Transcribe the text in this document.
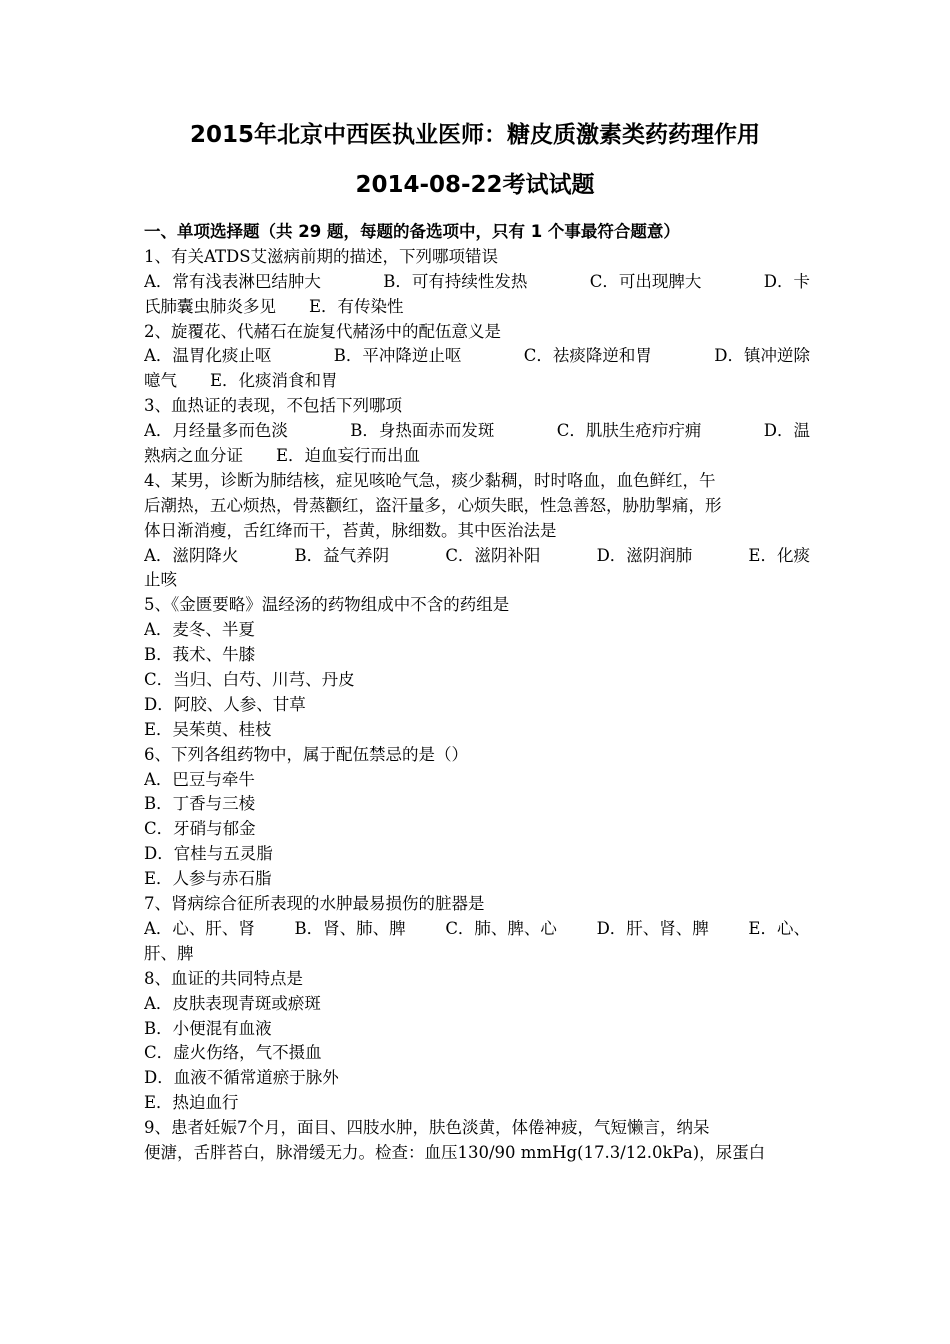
2015年北京中西医执业医师：糖皮质激素类药药理作用
2014-08-22考试试题
一、单项选择题（共 29 题，每题的备选项中，只有 1 个事最符合题意）
1、有关ATDS艾滋病前期的描述，下列哪项错误
A．常有浅表淋巴结肿大	B．可有持续性发热	C．可出现脾大	D．卡
氏肺囊虫肺炎多见　　E．有传染性
2、旋覆花、代赭石在旋复代赭汤中的配伍意义是
A．温胃化痰止呕	B．平冲降逆止呕	C．祛痰降逆和胃	D．镇冲逆除
噫气　　E．化痰消食和胃
3、血热证的表现，不包括下列哪项
A．月经量多而色淡	B．身热面赤而发斑	C．肌肤生疮疖疔痈	D．温
熟病之血分证　　E．迫血妄行而出血
4、某男，诊断为肺结核，症见咳呛气急，痰少黏稠，时时咯血，血色鲜红，午
后潮热，五心烦热，骨蒸颧红，盗汗量多，心烦失眠，性急善怒，胁肋掣痛，形
体日渐消瘦，舌红绛而干，苔黄，脉细数。其中医治法是
A．滋阴降火	B．益气养阴	C．滋阴补阳	D．滋阴润肺	E．化痰
止咳
5、《金匮要略》温经汤的药物组成中不含的药组是
A．麦冬、半夏
B．莪术、牛膝
C．当归、白芍、川芎、丹皮
D．阿胶、人参、甘草
E．吴茱萸、桂枝
6、下列各组药物中，属于配伍禁忌的是（）
A．巴豆与牵牛
B．丁香与三棱
C．牙硝与郁金
D．官桂与五灵脂
E．人参与赤石脂
7、肾病综合征所表现的水肿最易损伤的脏器是
A．心、肝、肾 B．肾、肺、脾 C．肺、脾、心 D．肝、肾、脾 E．心、
肝、脾
8、血证的共同特点是
A．皮肤表现青斑或瘀斑
B．小便混有血液
C．虚火伤络，气不摄血
D．血液不循常道瘀于脉外
E．热迫血行
9、患者妊娠7个月，面目、四肢水肿，肤色淡黄，体倦神疲，气短懒言，纳呆
便溏，舌胖苔白，脉滑缓无力。检查：血压130/90 mmHg(17.3/12.0kPa)，尿蛋白
